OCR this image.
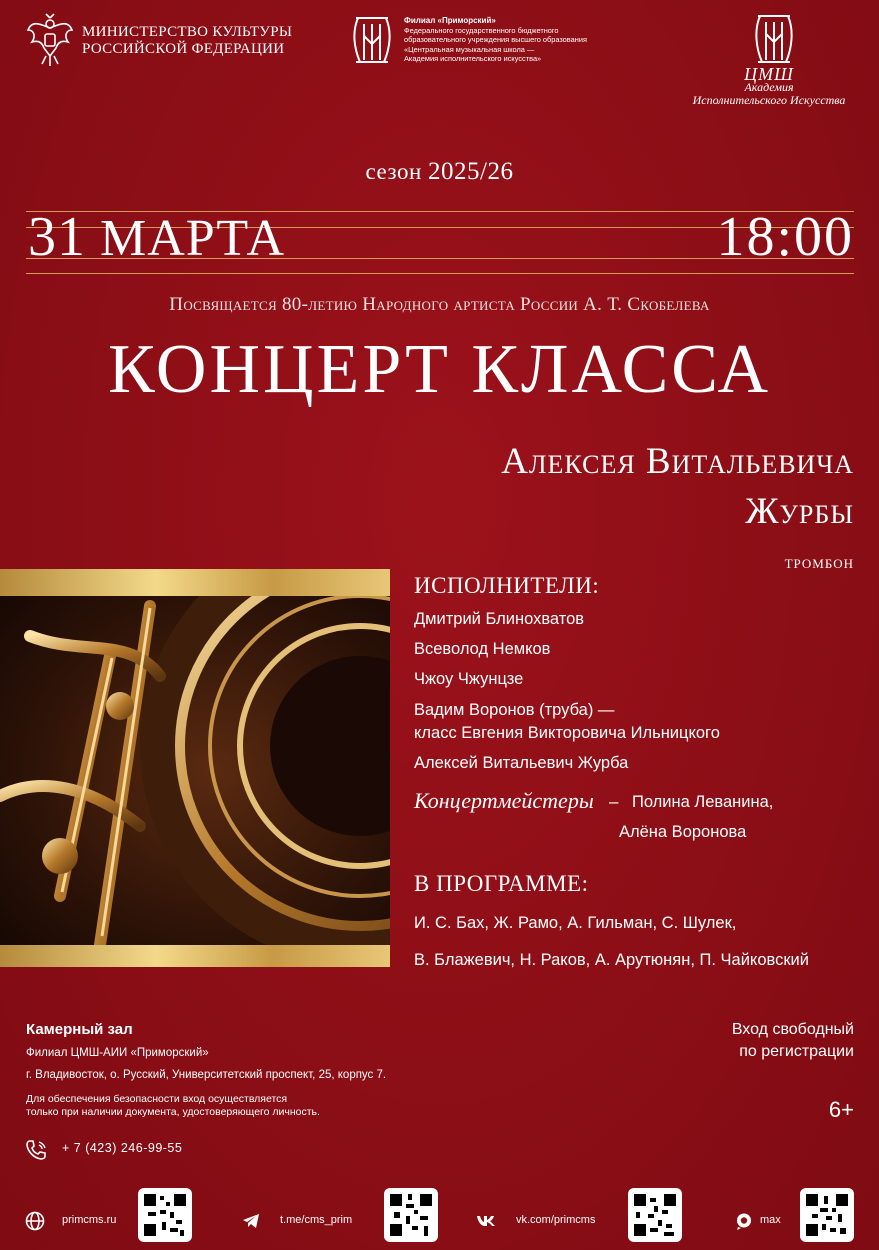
МИНИСТЕРСТВО КУЛЬТУРЫ
РОССИЙСКОЙ ФЕДЕРАЦИИ
Филиал «Приморский»
Федерального государственного бюджетного
образовательного учреждения высшего образования
«Центральная музыкальная школа —
Академия исполнительского искусства»
ЦМШ
Академия
Исполнительского Искусства
сезон 2025/26
31 МАРТА	18:00
Посвящается 80-летию Народного артиста России А. Т. Скобелева
КОНЦЕРТ КЛАССА
Алексея Витальевича
Журбы
ТРОМБОН
ИСПОЛНИТЕЛИ:
Дмитрий Блинохватов
Всеволод Немков
Чжоу Чжунцзе
Вадим Воронов (труба) —
класс Евгения Викторовича Ильницкого
Алексей Витальевич Журба
Концертмейстеры – Полина Леванина,
Алёна Воронова
В ПРОГРАММЕ:
И. С. Бах, Ж. Рамо, А. Гильман, С. Шулек,
В. Блажевич, Н. Раков, А. Арутюнян, П. Чайковский
Камерный зал
Филиал ЦМШ-АИИ «Приморский»
г. Владивосток, о. Русский, Университетский проспект, 25, корпус 7.
Для обеспечения безопасности вход осуществляется
только при наличии документа, удостоверяющего личность.
Вход свободный
по регистрации
6+
+ 7 (423) 246-99-55
primcms.ru	t.me/cms_prim	vk.com/primcms	max
